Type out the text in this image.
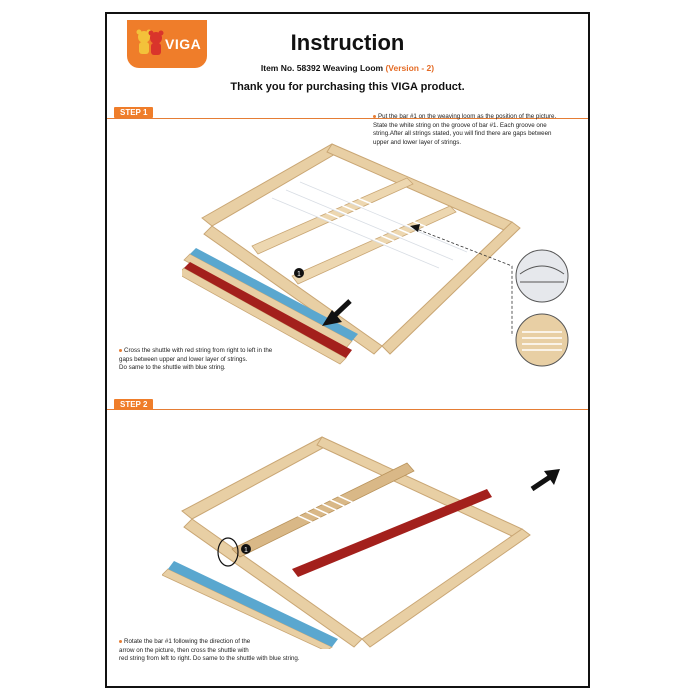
VIGA	Instruction
Item No. 58392 Weaving Loom (Version - 2)
Thank you for purchasing this VIGA product.
STEP 1	Put the bar #1 on the weaving loom as the position of the picture.
State the white string on the groove of bar #1. Each groove one
string.After all strings stated, you will find there are gaps between
upper and lower layer of strings.
1
Cross the shuttle with red string from right to left in the
gaps between upper and lower layer of strings.
Do same to the shuttle with blue string.
STEP 2
1
Rotate the bar #1 following the direction of the
arrow on the picture, then cross the shuttle with
red string from left to right. Do same to the shuttle with blue string.
